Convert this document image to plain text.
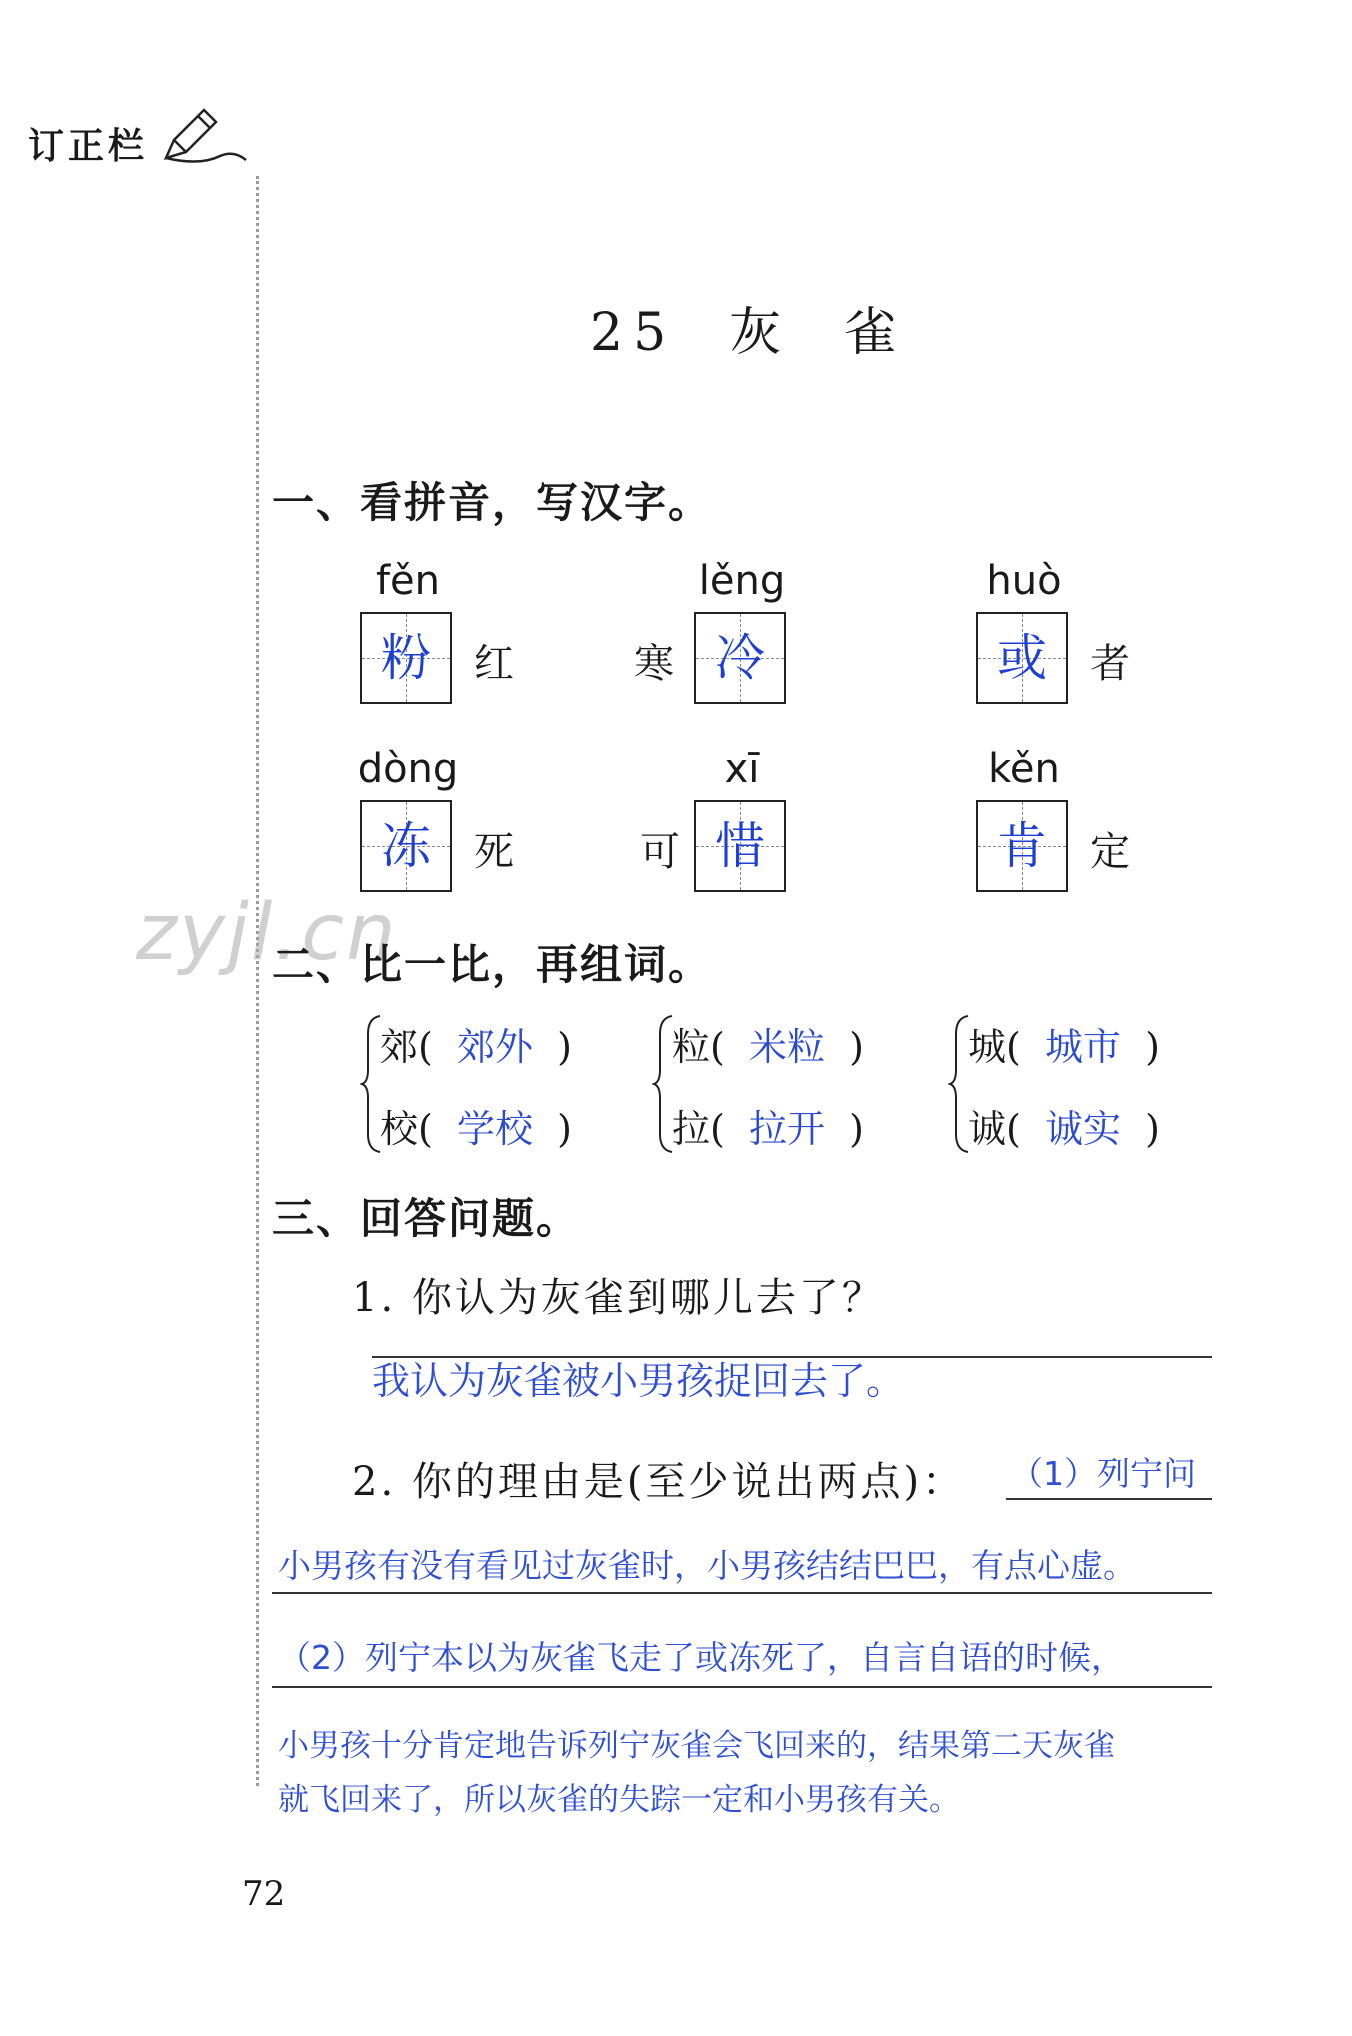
订正栏
zyjl.cn
25  灰  雀
一、看拼音，写汉字。
fěn
粉	红	寒
lěng
冷
huò
或	者
dòng
冻	死	可
xī
惜
kěn
肯	定
二、比一比，再组词。
郊(  郊外  )
校(  学校  )
粒(  米粒  )
拉(  拉开  )
城(  城市  )
诚(  诚实  )
三、回答问题。
1. 你认为灰雀到哪儿去了？
我认为灰雀被小男孩捉回去了。
2. 你的理由是(至少说出两点)： （1）列宁问
小男孩有没有看见过灰雀时，小男孩结结巴巴，有点心虚。
（2）列宁本以为灰雀飞走了或冻死了，自言自语的时候，
小男孩十分肯定地告诉列宁灰雀会飞回来的，结果第二天灰雀
就飞回来了，所以灰雀的失踪一定和小男孩有关。
72
